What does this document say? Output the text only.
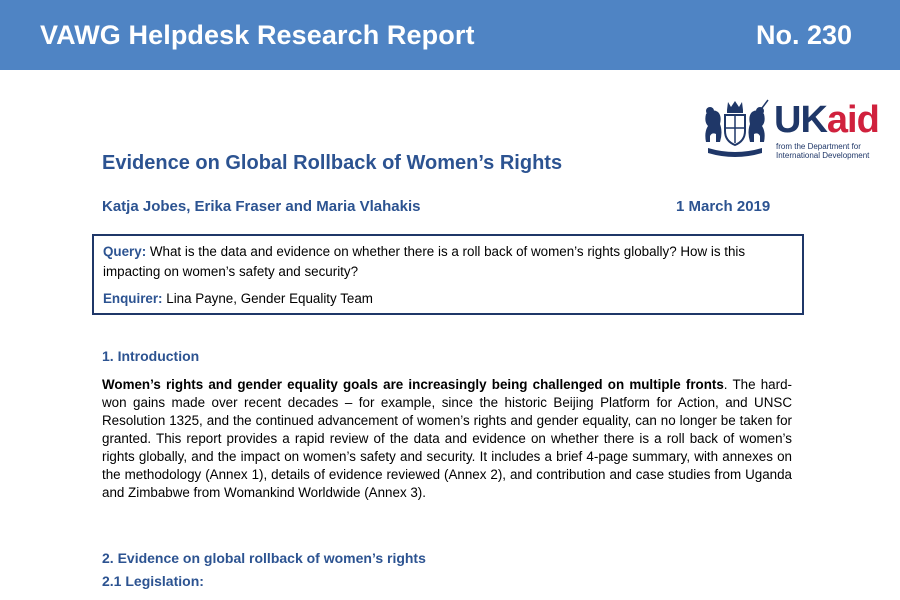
VAWG Helpdesk Research Report	No. 230
UKaid
from the Department for International Development
Evidence on Global Rollback of Women’s Rights
Katja Jobes, Erika Fraser and Maria Vlahakis	1 March 2019
Query: What is the data and evidence on whether there is a roll back of women’s rights globally? How is this impacting on women’s safety and security?
Enquirer: Lina Payne, Gender Equality Team
1. Introduction
Women’s rights and gender equality goals are increasingly being challenged on multiple fronts. The hard-won gains made over recent decades – for example, since the historic Beijing Platform for Action, and UNSC Resolution 1325, and the continued advancement of women’s rights and gender equality, can no longer be taken for granted. This report provides a rapid review of the data and evidence on whether there is a roll back of women’s rights globally, and the impact on women’s safety and security. It includes a brief 4-page summary, with annexes on the methodology (Annex 1), details of evidence reviewed (Annex 2), and contribution and case studies from Uganda and Zimbabwe from Womankind Worldwide (Annex 3).
2. Evidence on global rollback of women’s rights
2.1 Legislation:
